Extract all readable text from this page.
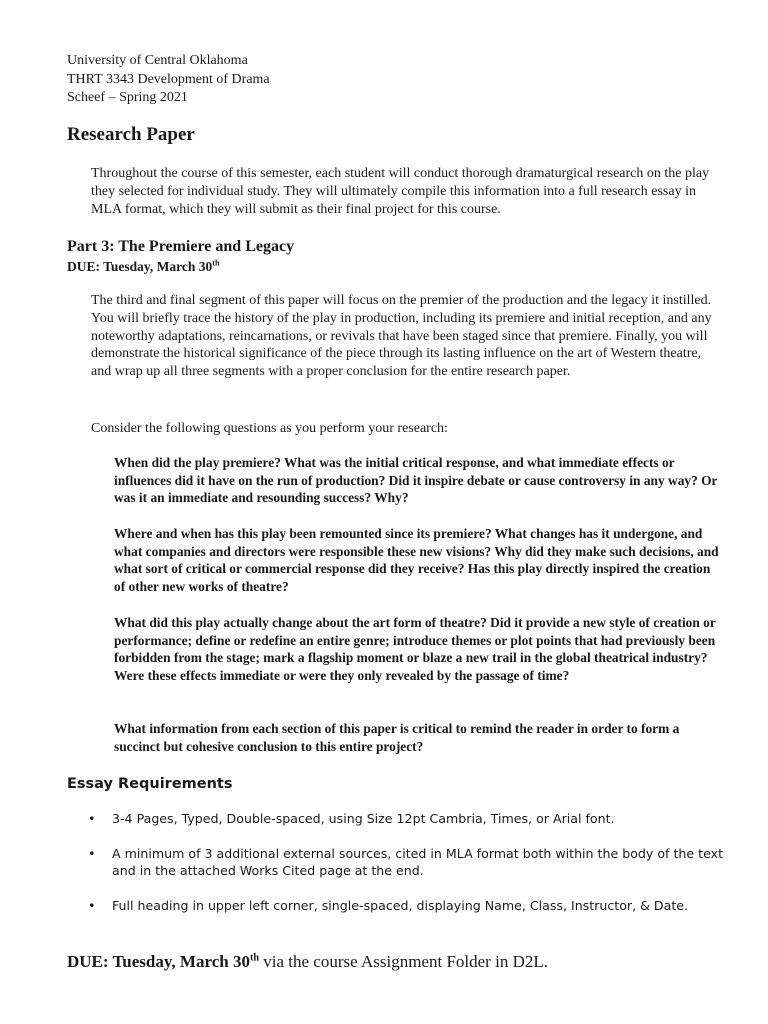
University of Central Oklahoma
THRT 3343 Development of Drama
Scheef – Spring 2021
Research Paper

Throughout the course of this semester, each student will conduct thorough dramaturgical research on the play they selected for individual study. They will ultimately compile this information into a full research essay in MLA format, which they will submit as their final project for this course.

Part 3: The Premiere and Legacy

DUE: Tuesday, March 30th

The third and final segment of this paper will focus on the premier of the production and the legacy it instilled. You will briefly trace the history of the play in production, including its premiere and initial reception, and any noteworthy adaptations, reincarnations, or revivals that have been staged since that premiere. Finally, you will demonstrate the historical significance of the piece through its lasting influence on the art of Western theatre, and wrap up all three segments with a proper conclusion for the entire research paper.

Consider the following questions as you perform your research:

When did the play premiere? What was the initial critical response, and what immediate effects or influences did it have on the run of production? Did it inspire debate or cause controversy in any way? Or was it an immediate and resounding success? Why?

Where and when has this play been remounted since its premiere? What changes has it undergone, and what companies and directors were responsible these new visions? Why did they make such decisions, and what sort of critical or commercial response did they receive? Has this play directly inspired the creation of other new works of theatre?

What did this play actually change about the art form of theatre? Did it provide a new style of creation or performance; define or redefine an entire genre; introduce themes or plot points that had previously been forbidden from the stage; mark a flagship moment or blaze a new trail in the global theatrical industry? Were these effects immediate or were they only revealed by the passage of time?

What information from each section of this paper is critical to remind the reader in order to form a succinct but cohesive conclusion to this entire project?

Essay Requirements
• 3-4 Pages, Typed, Double-spaced, using Size 12pt Cambria, Times, or Arial font.
• A minimum of 3 additional external sources, cited in MLA format both within the body of the text and in the attached Works Cited page at the end.
• Full heading in upper left corner, single-spaced, displaying Name, Class, Instructor, & Date.

DUE: Tuesday, March 30th via the course Assignment Folder in D2L.
